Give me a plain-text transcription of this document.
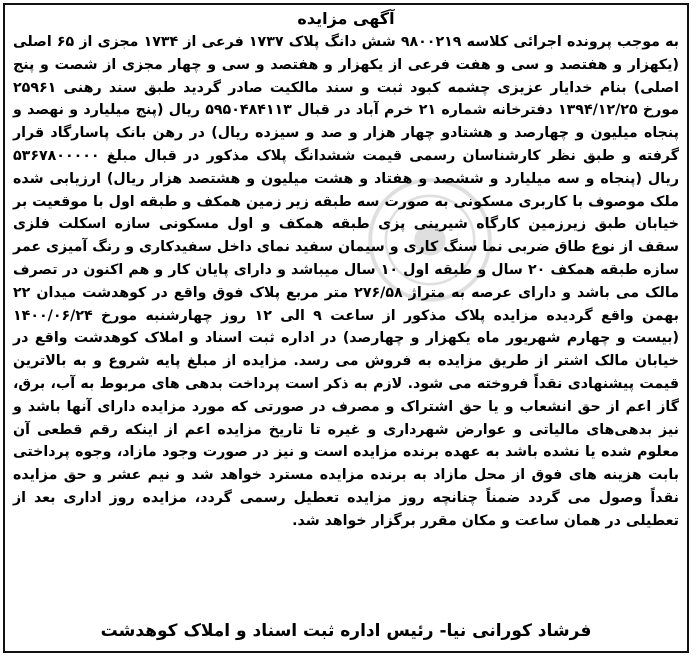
آگهی مزایده
به موجب پرونده اجرائی کلاسه ۹۸۰۰۲۱۹ شش دانگ پلاک ۱۷۳۷ فرعی از ۱۷۳۴ مجزی از ۶۵ اصلی (یکهزار و هفتصد و سی و هفت فرعی از یکهزار و هفتصد و سی و چهار مجزی از شصت و پنج اصلی) بنام خدایار عزیزی چشمه کبود ثبت و سند مالکیت صادر گردید طبق سند رهنی ۲۵۹۶۱ مورخ ۱۳۹۴/۱۲/۲۵ دفترخانه شماره ۲۱ خرم آباد در قبال ۵۹۵۰۴۸۴۱۱۳ ریال (پنج میلیارد و نهصد و پنجاه میلیون و چهارصد و هشتادو چهار هزار و صد و سیزده ریال) در رهن بانک پاسارگاد قرار گرفته و طبق نظر کارشناسان رسمی قیمت ششدانگ پلاک مذکور در قبال مبلغ ۵۳۶۷۸۰۰۰۰۰ ریال (پنجاه و سه میلیارد و ششصد و هفتاد و هشت میلیون و هشتصد هزار ریال) ارزیابی شده ملک موصوف با کاربری مسکونی به صورت سه طبقه زیر زمین همکف و طبقه اول با موقعیت بر خیابان طبق زیرزمین کارگاه شیرینی پزی طبقه همکف و اول مسکونی سازه اسکلت فلزی سقف از نوع طاق ضربی نما سنگ کاری و سیمان سفید نمای داخل سفیدکاری و رنگ آمیزی عمر سازه طبقه همکف ۲۰ سال و طبقه اول ۱۰ سال میباشد و دارای پایان کار و هم اکنون در تصرف مالک می باشد و دارای عرصه به متراژ ۲۷۶/۵۸ متر مربع پلاک فوق واقع در کوهدشت میدان ۲۲ بهمن واقع گردیده مزایده پلاک مذکور از ساعت ۹ الی ۱۲ روز چهارشنبه مورخ ۱۴۰۰/۰۶/۲۴ (بیست و چهارم شهریور ماه یکهزار و چهارصد) در اداره ثبت اسناد و املاک کوهدشت واقع در خیابان مالک اشتر از طریق مزایده به فروش می رسد. مزایده از مبلغ پایه شروع و به بالاترین قیمت پیشنهادی نقداً فروخته می شود. لازم به ذکر است پرداخت بدهی های مربوط به آب، برق، گاز اعم از حق انشعاب و یا حق اشتراک و مصرف در صورتی که مورد مزایده دارای آنها باشد و نیز بدهی‌های مالیاتی و عوارض شهرداری و غیره تا تاریخ مزایده اعم از اینکه رقم قطعی آن معلوم شده یا نشده باشد به عهده برنده مزایده است و نیز در صورت وجود مازاد، وجوه پرداختی بابت هزینه های فوق از محل مازاد به برنده مزایده مسترد خواهد شد و نیم عشر و حق مزایده نقداً وصول می گردد ضمناً چنانچه روز مزایده تعطیل رسمی گردد، مزایده روز اداری بعد از تعطیلی در همان ساعت و مکان مقرر برگزار خواهد شد.
فرشاد کورانی نیا- رئیس اداره ثبت اسناد و املاک کوهدشت
